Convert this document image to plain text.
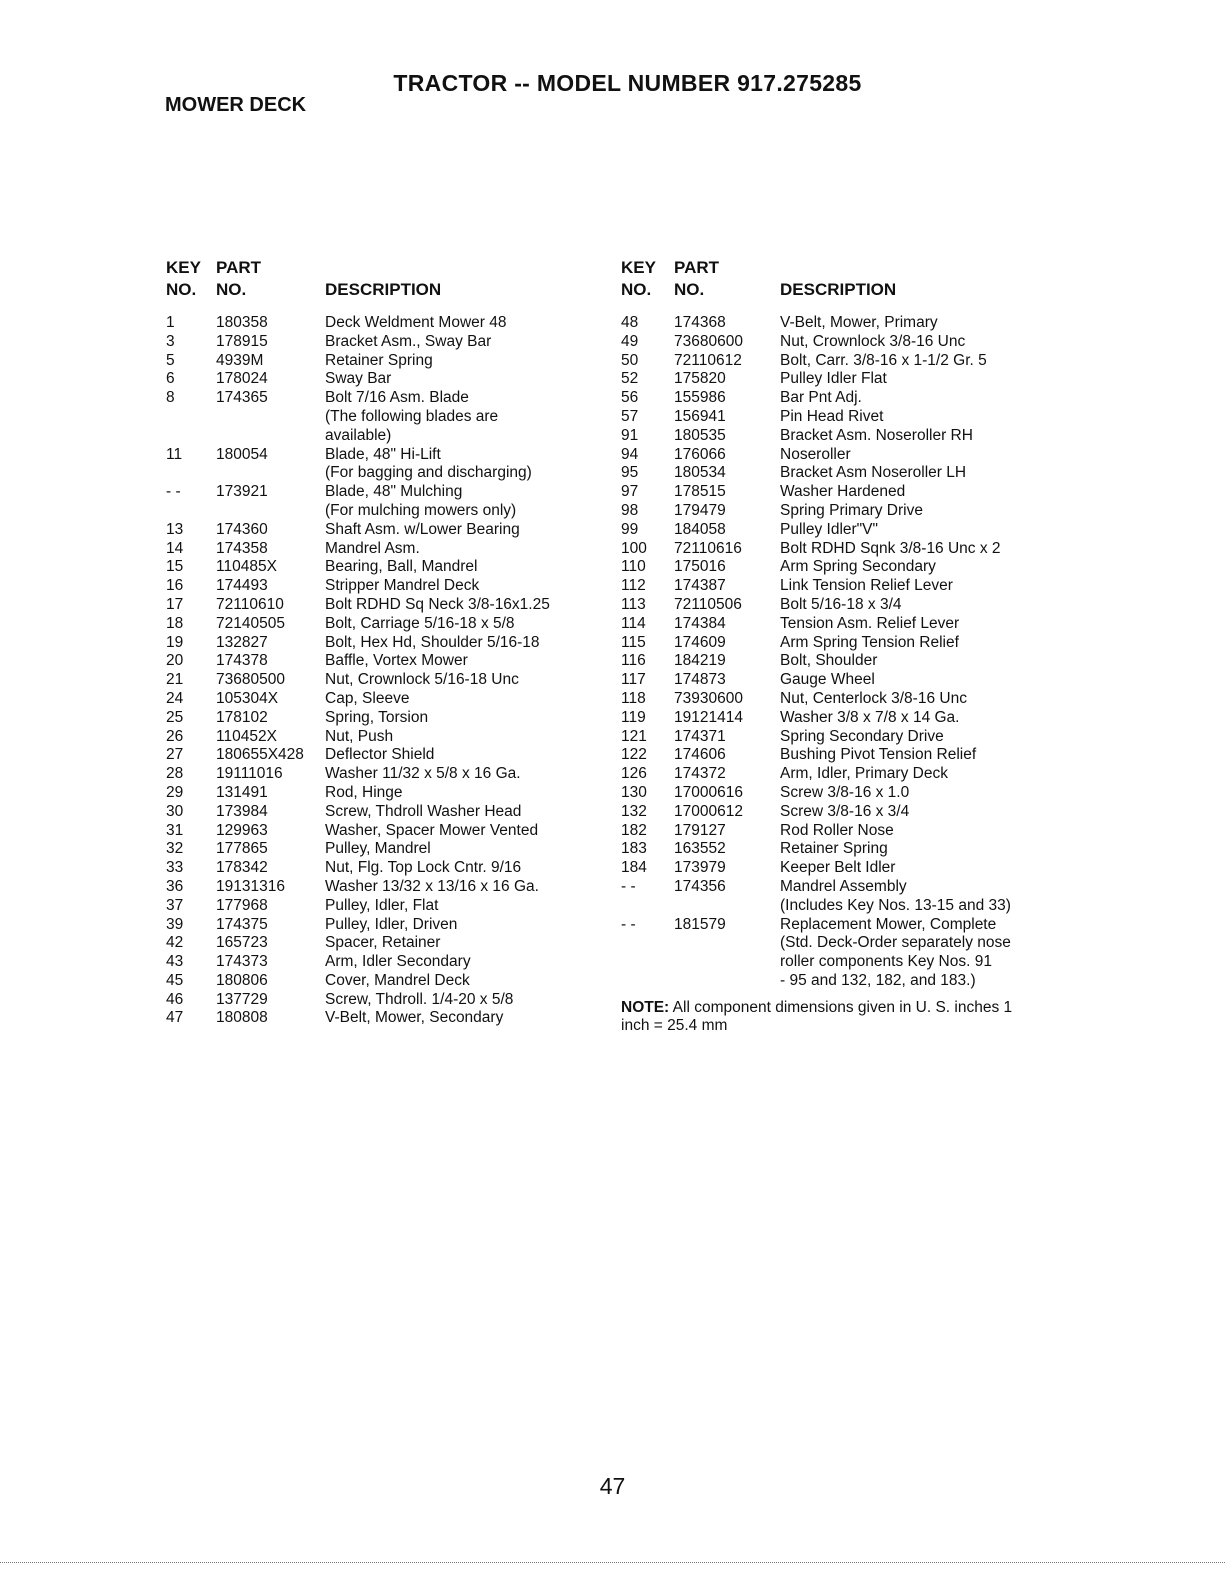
TRACTOR -- MODEL NUMBER 917.275285
MOWER DECK
KEY
NO.
PART
NO.	DESCRIPTION
1	180358	Deck Weldment Mower 48
3	178915	Bracket Asm., Sway Bar
5	4939M	Retainer Spring
6	178024	Sway Bar
8	174365	Bolt 7/16 Asm. Blade
(The following blades are
available)
11 180054	Blade, 48" Hi-Lift
(For bagging and discharging)
- - 173921	Blade, 48" Mulching
(For mulching mowers only)
13 174360	Shaft Asm. w/Lower Bearing
14 174358	Mandrel Asm.
15 110485X	Bearing, Ball, Mandrel
16 174493	Stripper Mandrel Deck
17 72110610	Bolt RDHD Sq Neck 3/8-16x1.25
18 72140505	Bolt, Carriage 5/16-18 x 5/8
19 132827	Bolt, Hex Hd, Shoulder 5/16-18
20 174378	Baffle, Vortex Mower
21 73680500	Nut, Crownlock 5/16-18 Unc
24 105304X	Cap, Sleeve
25 178102	Spring, Torsion
26 110452X	Nut, Push
27 180655X428 Deflector Shield
28 19111016	Washer 11/32 x 5/8 x 16 Ga.
29 131491	Rod, Hinge
30 173984	Screw, Thdroll Washer Head
31 129963	Washer, Spacer Mower Vented
32 177865	Pulley, Mandrel
33 178342	Nut, Flg. Top Lock Cntr. 9/16
36 19131316	Washer 13/32 x 13/16 x 16 Ga.
37 177968	Pulley, Idler, Flat
39 174375	Pulley, Idler, Driven
42 165723	Spacer, Retainer
43 174373	Arm, Idler Secondary
45 180806	Cover, Mandrel Deck
46 137729	Screw, Thdroll. 1/4-20 x 5/8
47 180808	V-Belt, Mower, Secondary
KEY
NO.
PART
NO.	DESCRIPTION
48 174368	V-Belt, Mower, Primary
49 73680600 Nut, Crownlock 3/8-16 Unc
50 72110612 Bolt, Carr. 3/8-16 x 1-1/2 Gr. 5
52 175820	Pulley Idler Flat
56 155986	Bar Pnt Adj.
57 156941	Pin Head Rivet
91 180535	Bracket Asm. Noseroller RH
94 176066	Noseroller
95 180534	Bracket Asm Noseroller LH
97 178515	Washer Hardened
98 179479	Spring Primary Drive
99 184058	Pulley Idler"V"
100 72110616 Bolt RDHD Sqnk 3/8-16 Unc x 2
110 175016	Arm Spring Secondary
112 174387	Link Tension Relief Lever
113 72110506 Bolt 5/16-18 x 3/4
114 174384	Tension Asm. Relief Lever
115 174609	Arm Spring Tension Relief
116 184219	Bolt, Shoulder
117 174873	Gauge Wheel
118 73930600 Nut, Centerlock 3/8-16 Unc
119 19121414 Washer 3/8 x 7/8 x 14 Ga.
121 174371	Spring Secondary Drive
122 174606	Bushing Pivot Tension Relief
126 174372	Arm, Idler, Primary Deck
130 17000616 Screw 3/8-16 x 1.0
132 17000612 Screw 3/8-16 x 3/4
182 179127	Rod Roller Nose
183 163552	Retainer Spring
184 173979	Keeper Belt Idler
- - 174356	Mandrel Assembly
(Includes Key Nos. 13-15 and 33)
- - 181579	Replacement Mower, Complete
(Std. Deck-Order separately nose
roller components Key Nos. 91
- 95 and 132, 182, and 183.)
NOTE: All component dimensions given in U. S. inches 1 inch = 25.4 mm
47
